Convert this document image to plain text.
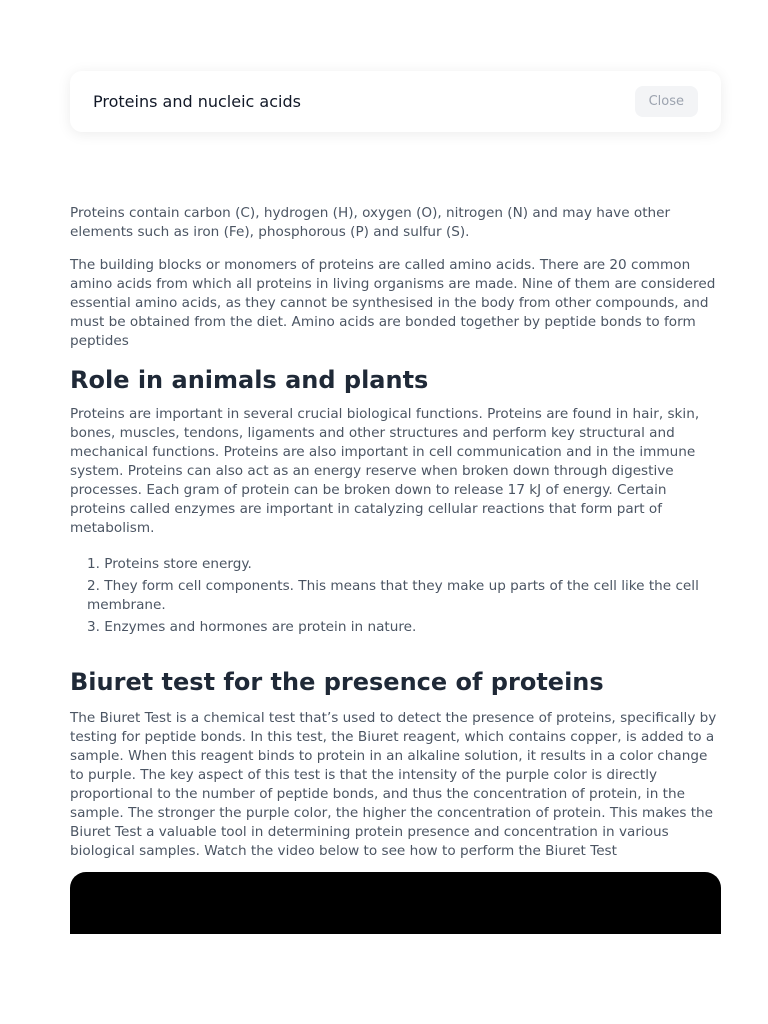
Proteins and nucleic acids	Close

Proteins contain carbon (C), hydrogen (H), oxygen (O), nitrogen (N) and may have other elements such as iron (Fe), phosphorous (P) and sulfur (S).

The building blocks or monomers of proteins are called amino acids. There are 20 common amino acids from which all proteins in living organisms are made. Nine of them are considered essential amino acids, as they cannot be synthesised in the body from other compounds, and must be obtained from the diet. Amino acids are bonded together by peptide bonds to form peptides

Role in animals and plants

Proteins are important in several crucial biological functions. Proteins are found in hair, skin, bones, muscles, tendons, ligaments and other structures and perform key structural and mechanical functions. Proteins are also important in cell communication and in the immune system. Proteins can also act as an energy reserve when broken down through digestive processes. Each gram of protein can be broken down to release 17 kJ of energy. Certain proteins called enzymes are important in catalyzing cellular reactions that form part of metabolism.

1. Proteins store energy.
2. They form cell components. This means that they make up parts of the cell like the cell membrane.
3. Enzymes and hormones are protein in nature.
Biuret test for the presence of proteins

The Biuret Test is a chemical test that’s used to detect the presence of proteins, specifically by testing for peptide bonds. In this test, the Biuret reagent, which contains copper, is added to a sample. When this reagent binds to protein in an alkaline solution, it results in a color change to purple. The key aspect of this test is that the intensity of the purple color is directly proportional to the number of peptide bonds, and thus the concentration of protein, in the sample. The stronger the purple color, the higher the concentration of protein. This makes the Biuret Test a valuable tool in determining protein presence and concentration in various biological samples. Watch the video below to see how to perform the Biuret Test
